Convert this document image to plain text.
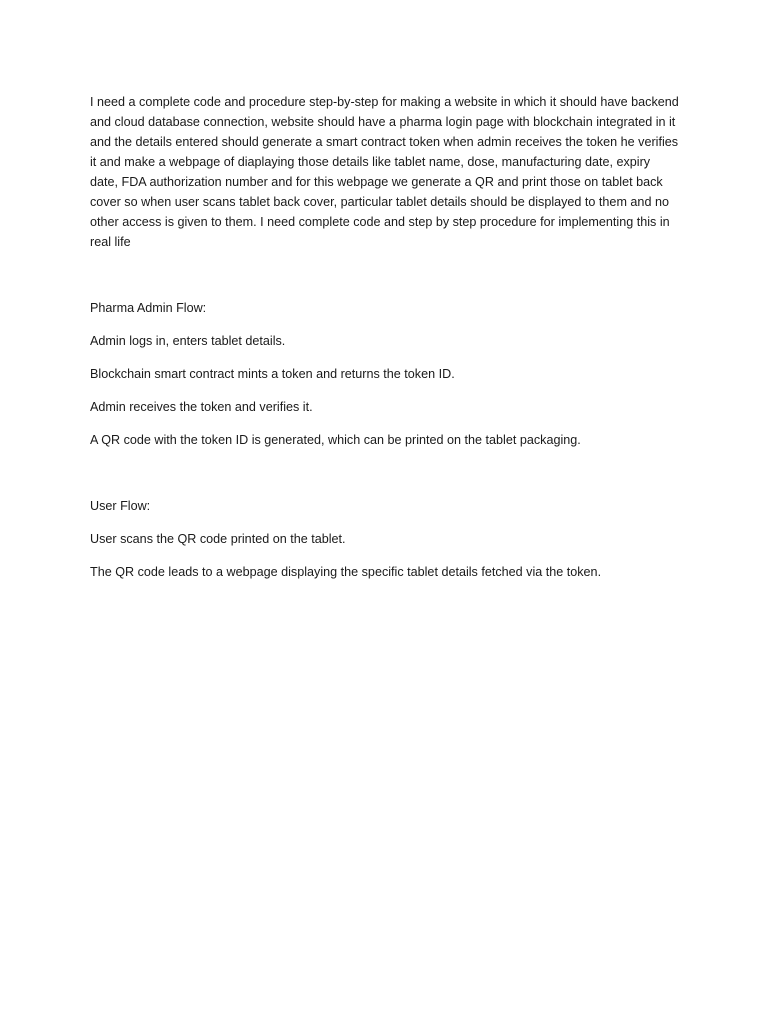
I need a complete code and procedure step-by-step for making a website in which it should have backend and cloud database connection, website should have a pharma login page with blockchain integrated in it and the details entered should generate a smart contract token when admin receives the token he verifies it and make a webpage of diaplaying those details like tablet name, dose, manufacturing date, expiry date, FDA authorization number and for this webpage we generate a QR and print those on tablet back cover so when user scans tablet back cover, particular tablet details should be displayed to them and no other access is given to them. I need complete code and step by step procedure for implementing this in real life

Pharma Admin Flow:

Admin logs in, enters tablet details.

Blockchain smart contract mints a token and returns the token ID.

Admin receives the token and verifies it.

A QR code with the token ID is generated, which can be printed on the tablet packaging.

User Flow:

User scans the QR code printed on the tablet.

The QR code leads to a webpage displaying the specific tablet details fetched via the token.
